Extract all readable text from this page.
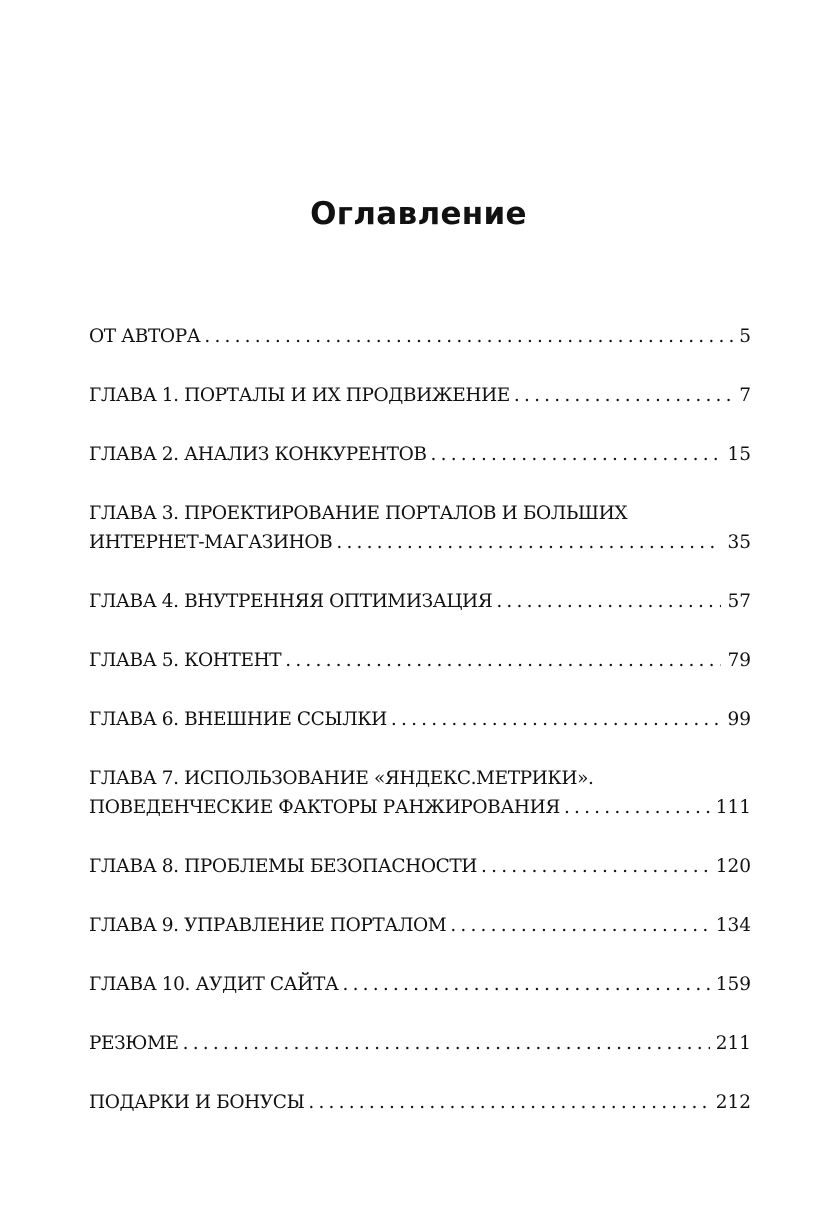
Оглавление
ОТ АВТОРА .....	5
ГЛАВА 1. ПОРТАЛЫ И ИХ ПРОДВИЖЕНИЕ .....	7
ГЛАВА 2. АНАЛИЗ КОНКУРЕНТОВ .....	15
ГЛАВА 3. ПРОЕКТИРОВАНИЕ ПОРТАЛОВ И БОЛЬШИХ
ИНТЕРНЕТ-МАГАЗИНОВ .....	35
ГЛАВА 4. ВНУТРЕННЯЯ ОПТИМИЗАЦИЯ .....	57
ГЛАВА 5. КОНТЕНТ .....	79
ГЛАВА 6. ВНЕШНИЕ ССЫЛКИ .....	99
ГЛАВА 7. ИСПОЛЬЗОВАНИЕ «ЯНДЕКС.МЕТРИКИ».
ПОВЕДЕНЧЕСКИЕ ФАКТОРЫ РАНЖИРОВАНИЯ .....	111
ГЛАВА 8. ПРОБЛЕМЫ БЕЗОПАСНОСТИ .....	120
ГЛАВА 9. УПРАВЛЕНИЕ ПОРТАЛОМ .....	134
ГЛАВА 10. АУДИТ САЙТА .....	159
РЕЗЮМЕ .....	211
ПОДАРКИ И БОНУСЫ .....	212
